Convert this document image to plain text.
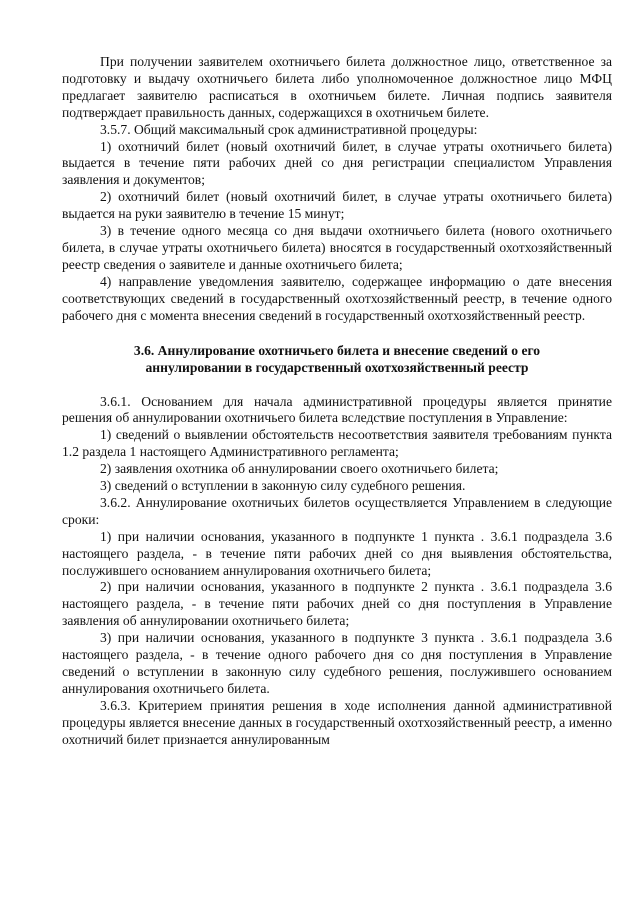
При получении заявителем охотничьего билета должностное лицо, ответственное за подготовку и выдачу охотничьего билета либо уполномоченное должностное лицо МФЦ предлагает заявителю расписаться в охотничьем билете. Личная подпись заявителя подтверждает правильность данных, содержащихся в охотничьем билете.

3.5.7. Общий максимальный срок административной процедуры:

1) охотничий билет (новый охотничий билет, в случае утраты охотничьего билета) выдается в течение пяти рабочих дней со дня регистрации специалистом Управления заявления и документов;

2) охотничий билет (новый охотничий билет, в случае утраты охотничьего билета) выдается на руки заявителю в течение 15 минут;

3) в течение одного месяца со дня выдачи охотничьего билета (нового охотничьего билета, в случае утраты охотничьего билета) вносятся в государственный охотхозяйственный реестр сведения о заявителе и данные охотничьего билета;

4) направление уведомления заявителю, содержащее информацию о дате внесения соответствующих сведений в государственный охотхозяйственный реестр, в течение одного рабочего дня с момента внесения сведений в государственный охотхозяйственный реестр.

3.6. Аннулирование охотничьего билета и внесение сведений о его
аннулировании в государственный охотхозяйственный реестр

3.6.1. Основанием для начала административной процедуры является принятие решения об аннулировании охотничьего билета вследствие поступления в Управление:

1) сведений о выявлении обстоятельств несоответствия заявителя требованиям пункта 1.2 раздела 1 настоящего Административного регламента;

2) заявления охотника об аннулировании своего охотничьего билета;

3) сведений о вступлении в законную силу судебного решения.

3.6.2. Аннулирование охотничьих билетов осуществляется Управлением в следующие сроки:

1) при наличии основания, указанного в подпункте 1 пункта . 3.6.1 подраздела 3.6 настоящего раздела, - в течение пяти рабочих дней со дня выявления обстоятельства, послужившего основанием аннулирования охотничьего билета;

2) при наличии основания, указанного в подпункте 2 пункта . 3.6.1 подраздела 3.6 настоящего раздела, - в течение пяти рабочих дней со дня поступления в Управление заявления об аннулировании охотничьего билета;

3) при наличии основания, указанного в подпункте 3 пункта . 3.6.1 подраздела 3.6 настоящего раздела, - в течение одного рабочего дня со дня поступления в Управление сведений о вступлении в законную силу судебного решения, послужившего основанием аннулирования охотничьего билета.

3.6.3. Критерием принятия решения в ходе исполнения данной административной процедуры является внесение данных в государственный охотхозяйственный реестр, а именно охотничий билет признается аннулированным
